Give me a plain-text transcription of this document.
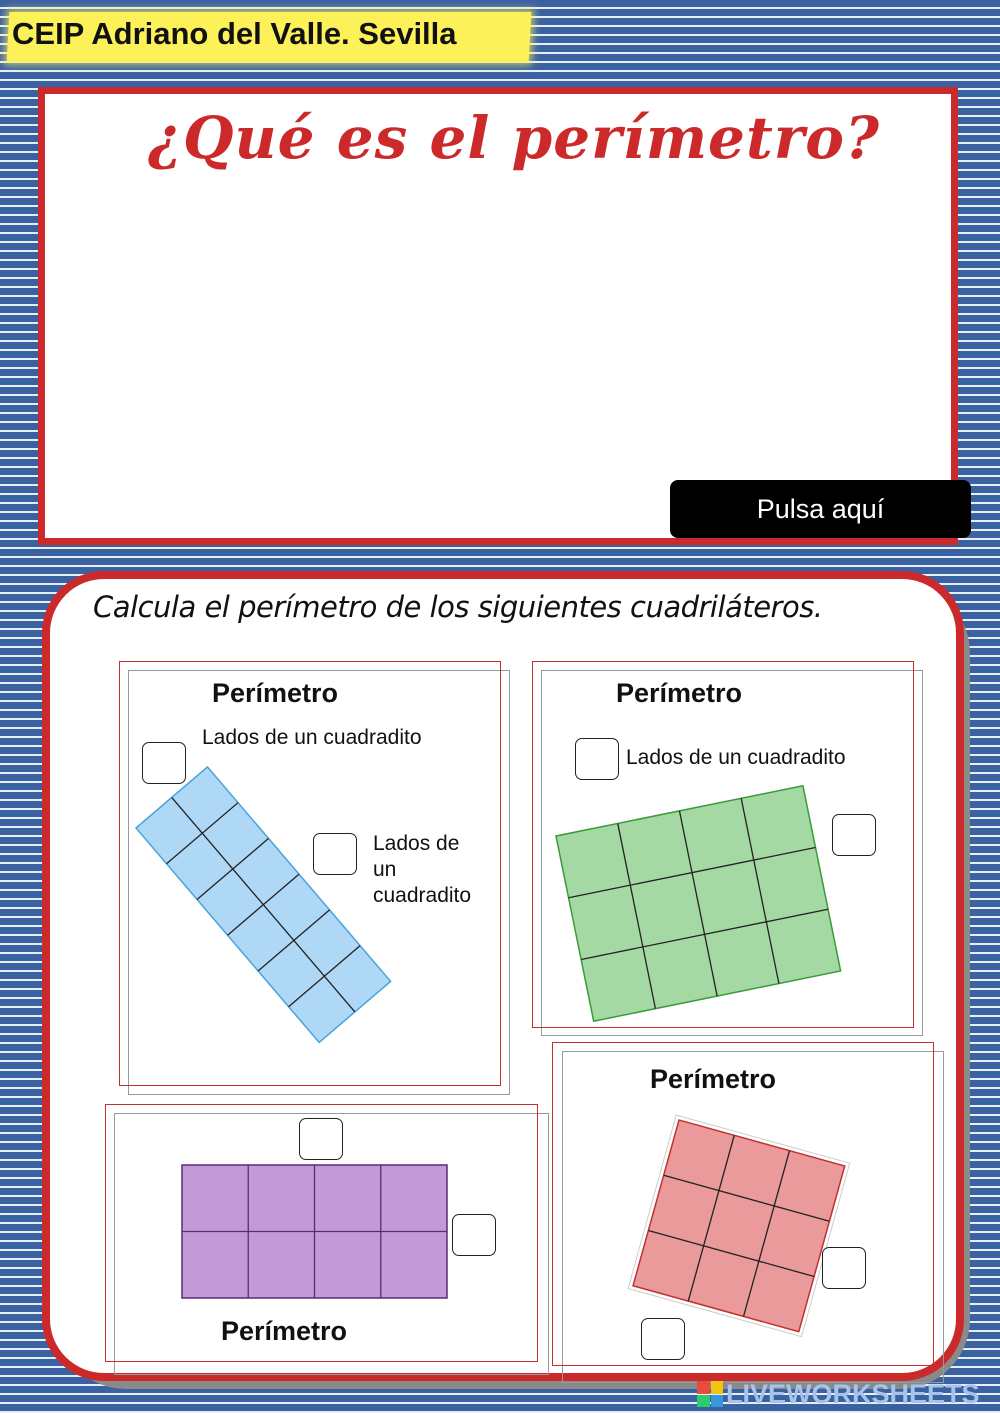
CEIP Adriano del Valle. Sevilla
¿Qué es el perímetro?
Pulsa aquí
Calcula el perímetro de los siguientes cuadriláteros.
Perímetro
Lados de un cuadradito
Lados de
un
cuadradito
Perímetro
Lados de un cuadradito
Perímetro
Perímetro
LIVEWORKSHEETS
